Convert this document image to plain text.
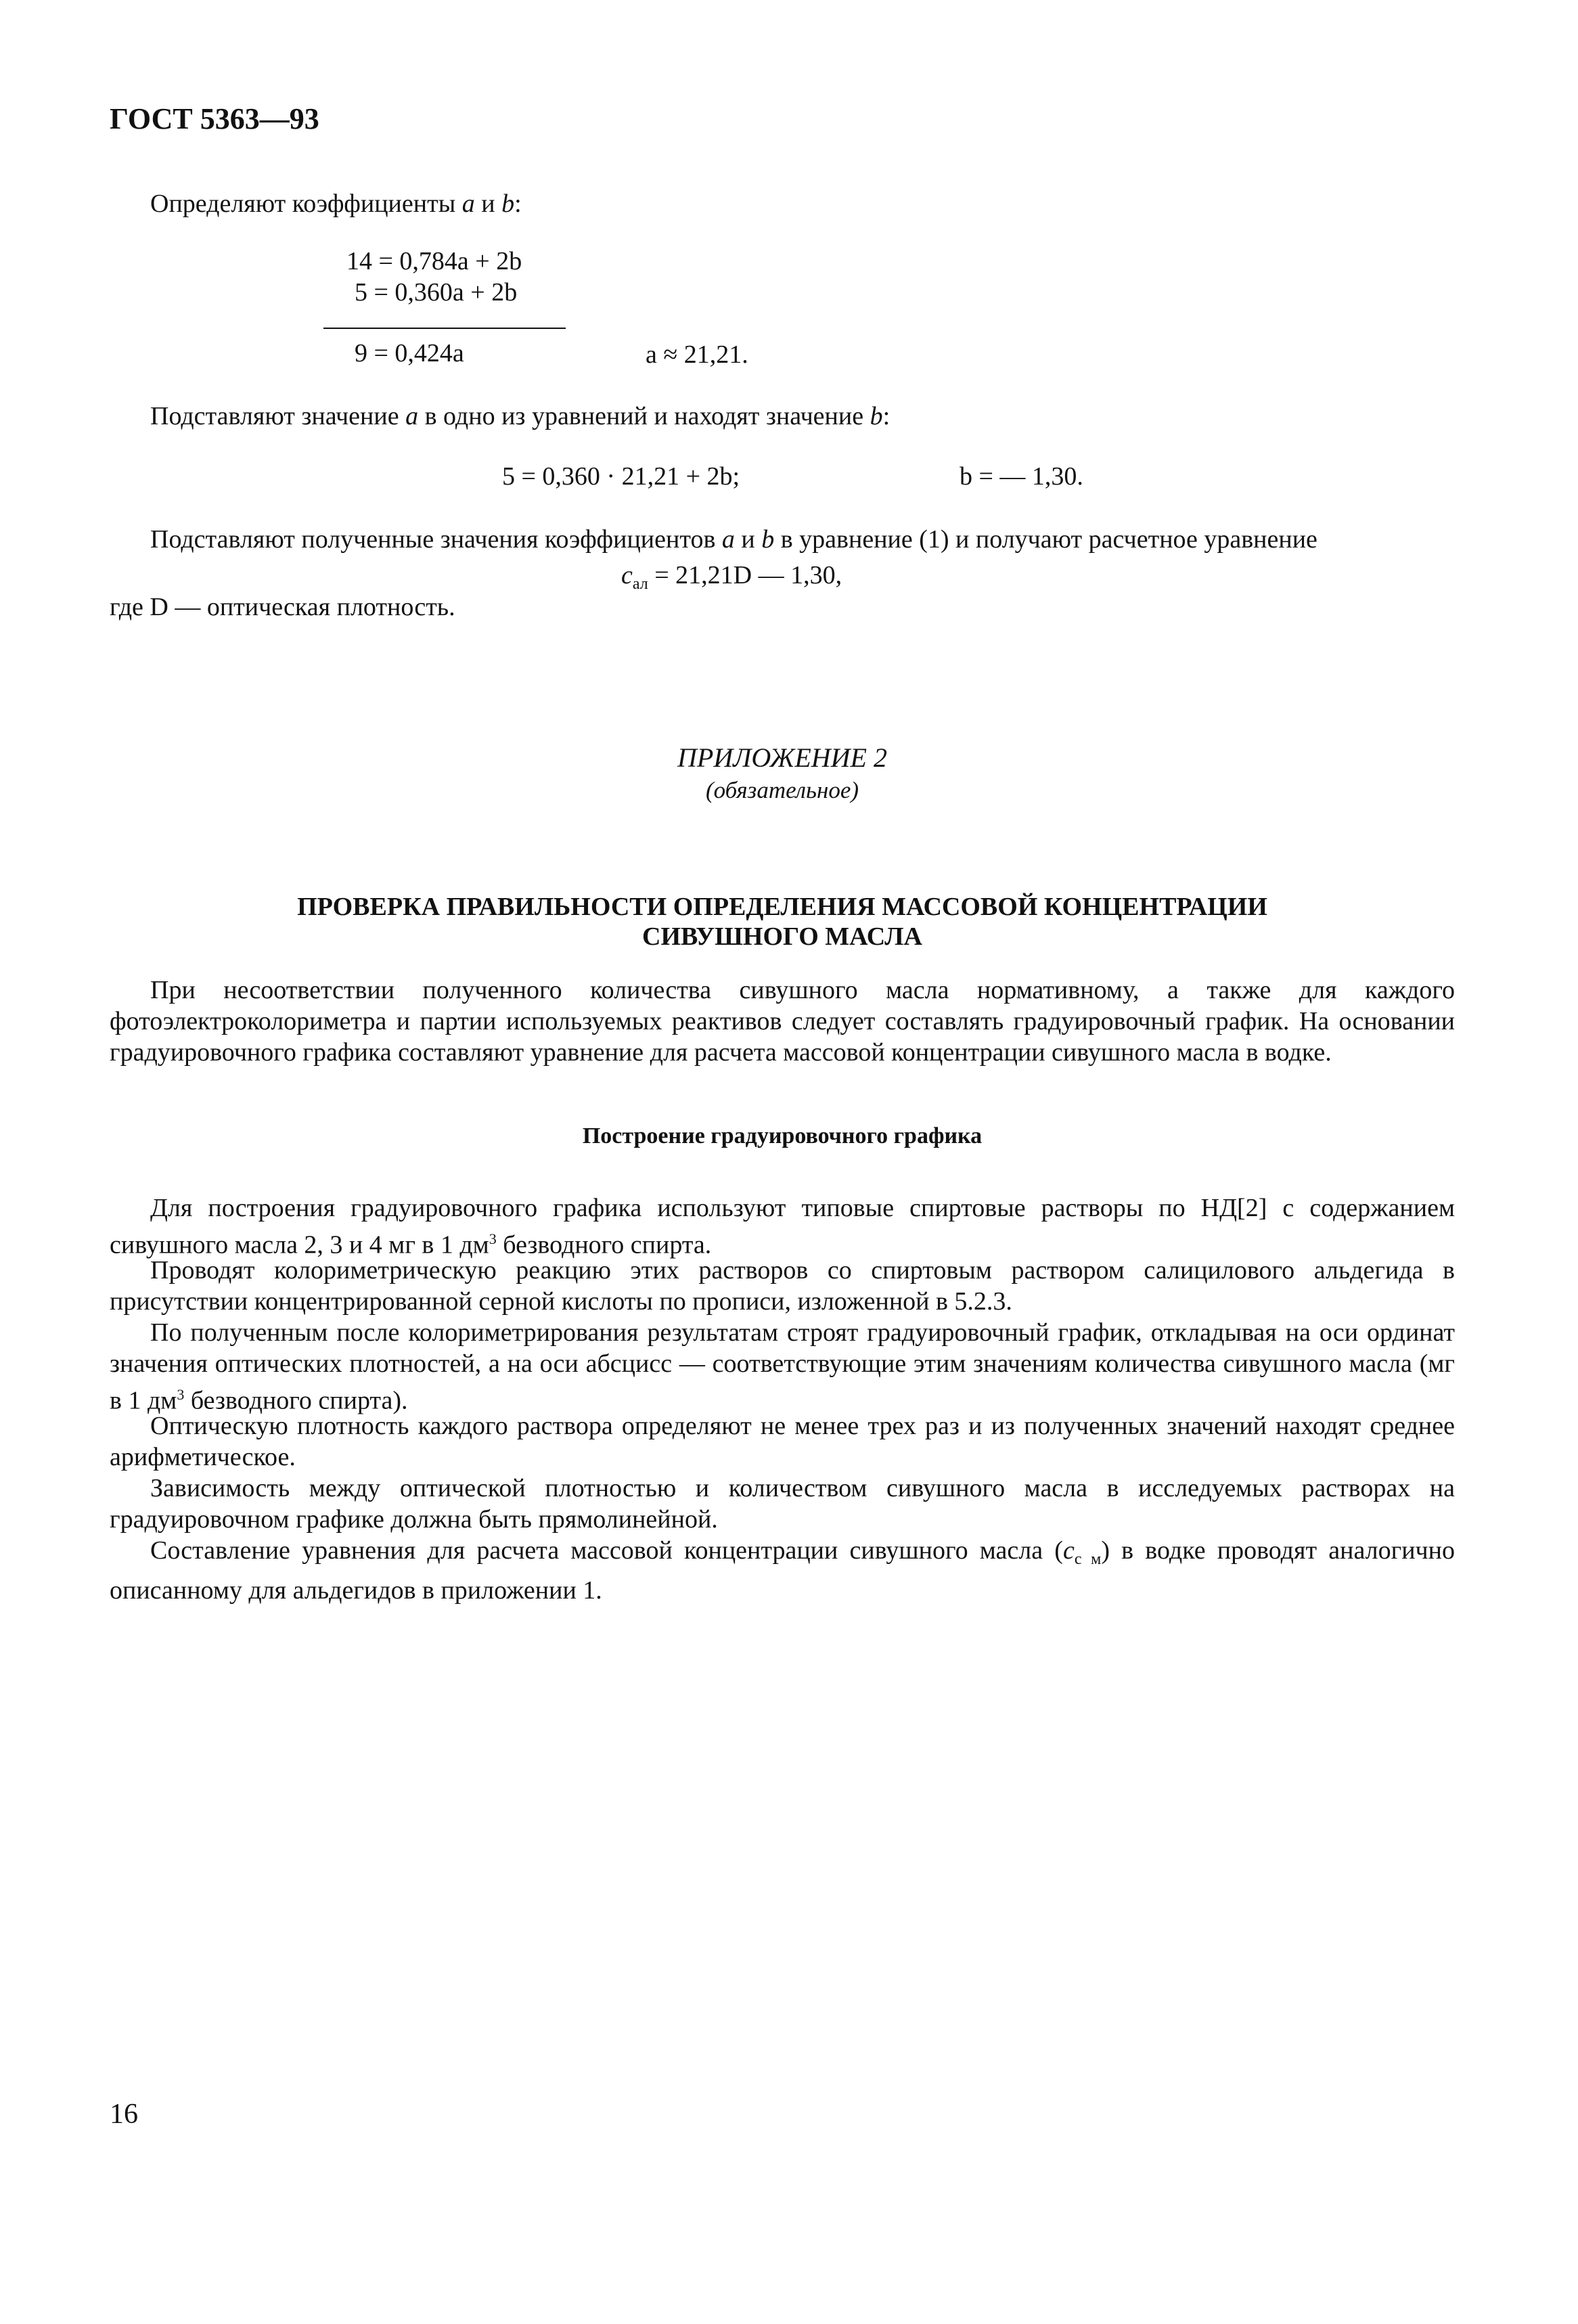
ГОСТ 5363—93
Определяют коэффициенты a и b:
14 = 0,784a + 2b
5 = 0,360a + 2b
9 = 0,424a	a ≈ 21,21.
Подставляют значение a в одно из уравнений и находят значение b:
5 = 0,360 · 21,21 + 2b;	b = — 1,30.
Подставляют полученные значения коэффициентов a и b в уравнение (1) и получают расчетное уравнение
$c_{ал} = 21,21D$ — 1,30,
где D — оптическая плотность.
ПРИЛОЖЕНИЕ 2
(обязательное)
ПРОВЕРКА ПРАВИЛЬНОСТИ ОПРЕДЕЛЕНИЯ МАССОВОЙ КОНЦЕНТРАЦИИ
СИВУШНОГО МАСЛА
При несоответствии полученного количества сивушного масла нормативному, а также для каждого фотоэлектроколориметра и партии используемых реактивов следует составлять градуировочный график. На основании градуировочного графика составляют уравнение для расчета массовой концентрации сивушного масла в водке.
Построение градуировочного графика
Для построения градуировочного графика используют типовые спиртовые растворы по НД[2] с содержанием сивушного масла 2, 3 и 4 мг в 1 $дм^3$ безводного спирта.
Проводят колориметрическую реакцию этих растворов со спиртовым раствором салицилового альдегида в присутствии концентрированной серной кислоты по прописи, изложенной в 5.2.3.
По полученным после колориметрирования результатам строят градуировочный график, откладывая на оси ординат значения оптических плотностей, а на оси абсцисс — соответствующие этим значениям количества сивушного масла (мг в 1 $дм^3$ безводного спирта).
Оптическую плотность каждого раствора определяют не менее трех раз и из полученных значений находят среднее арифметическое.
Зависимость между оптической плотностью и количеством сивушного масла в исследуемых растворах на градуировочном графике должна быть прямолинейной.
Составление уравнения для расчета массовой концентрации сивушного масла $(c_{с м})$ в водке проводят аналогично описанному для альдегидов в приложении 1.
16
